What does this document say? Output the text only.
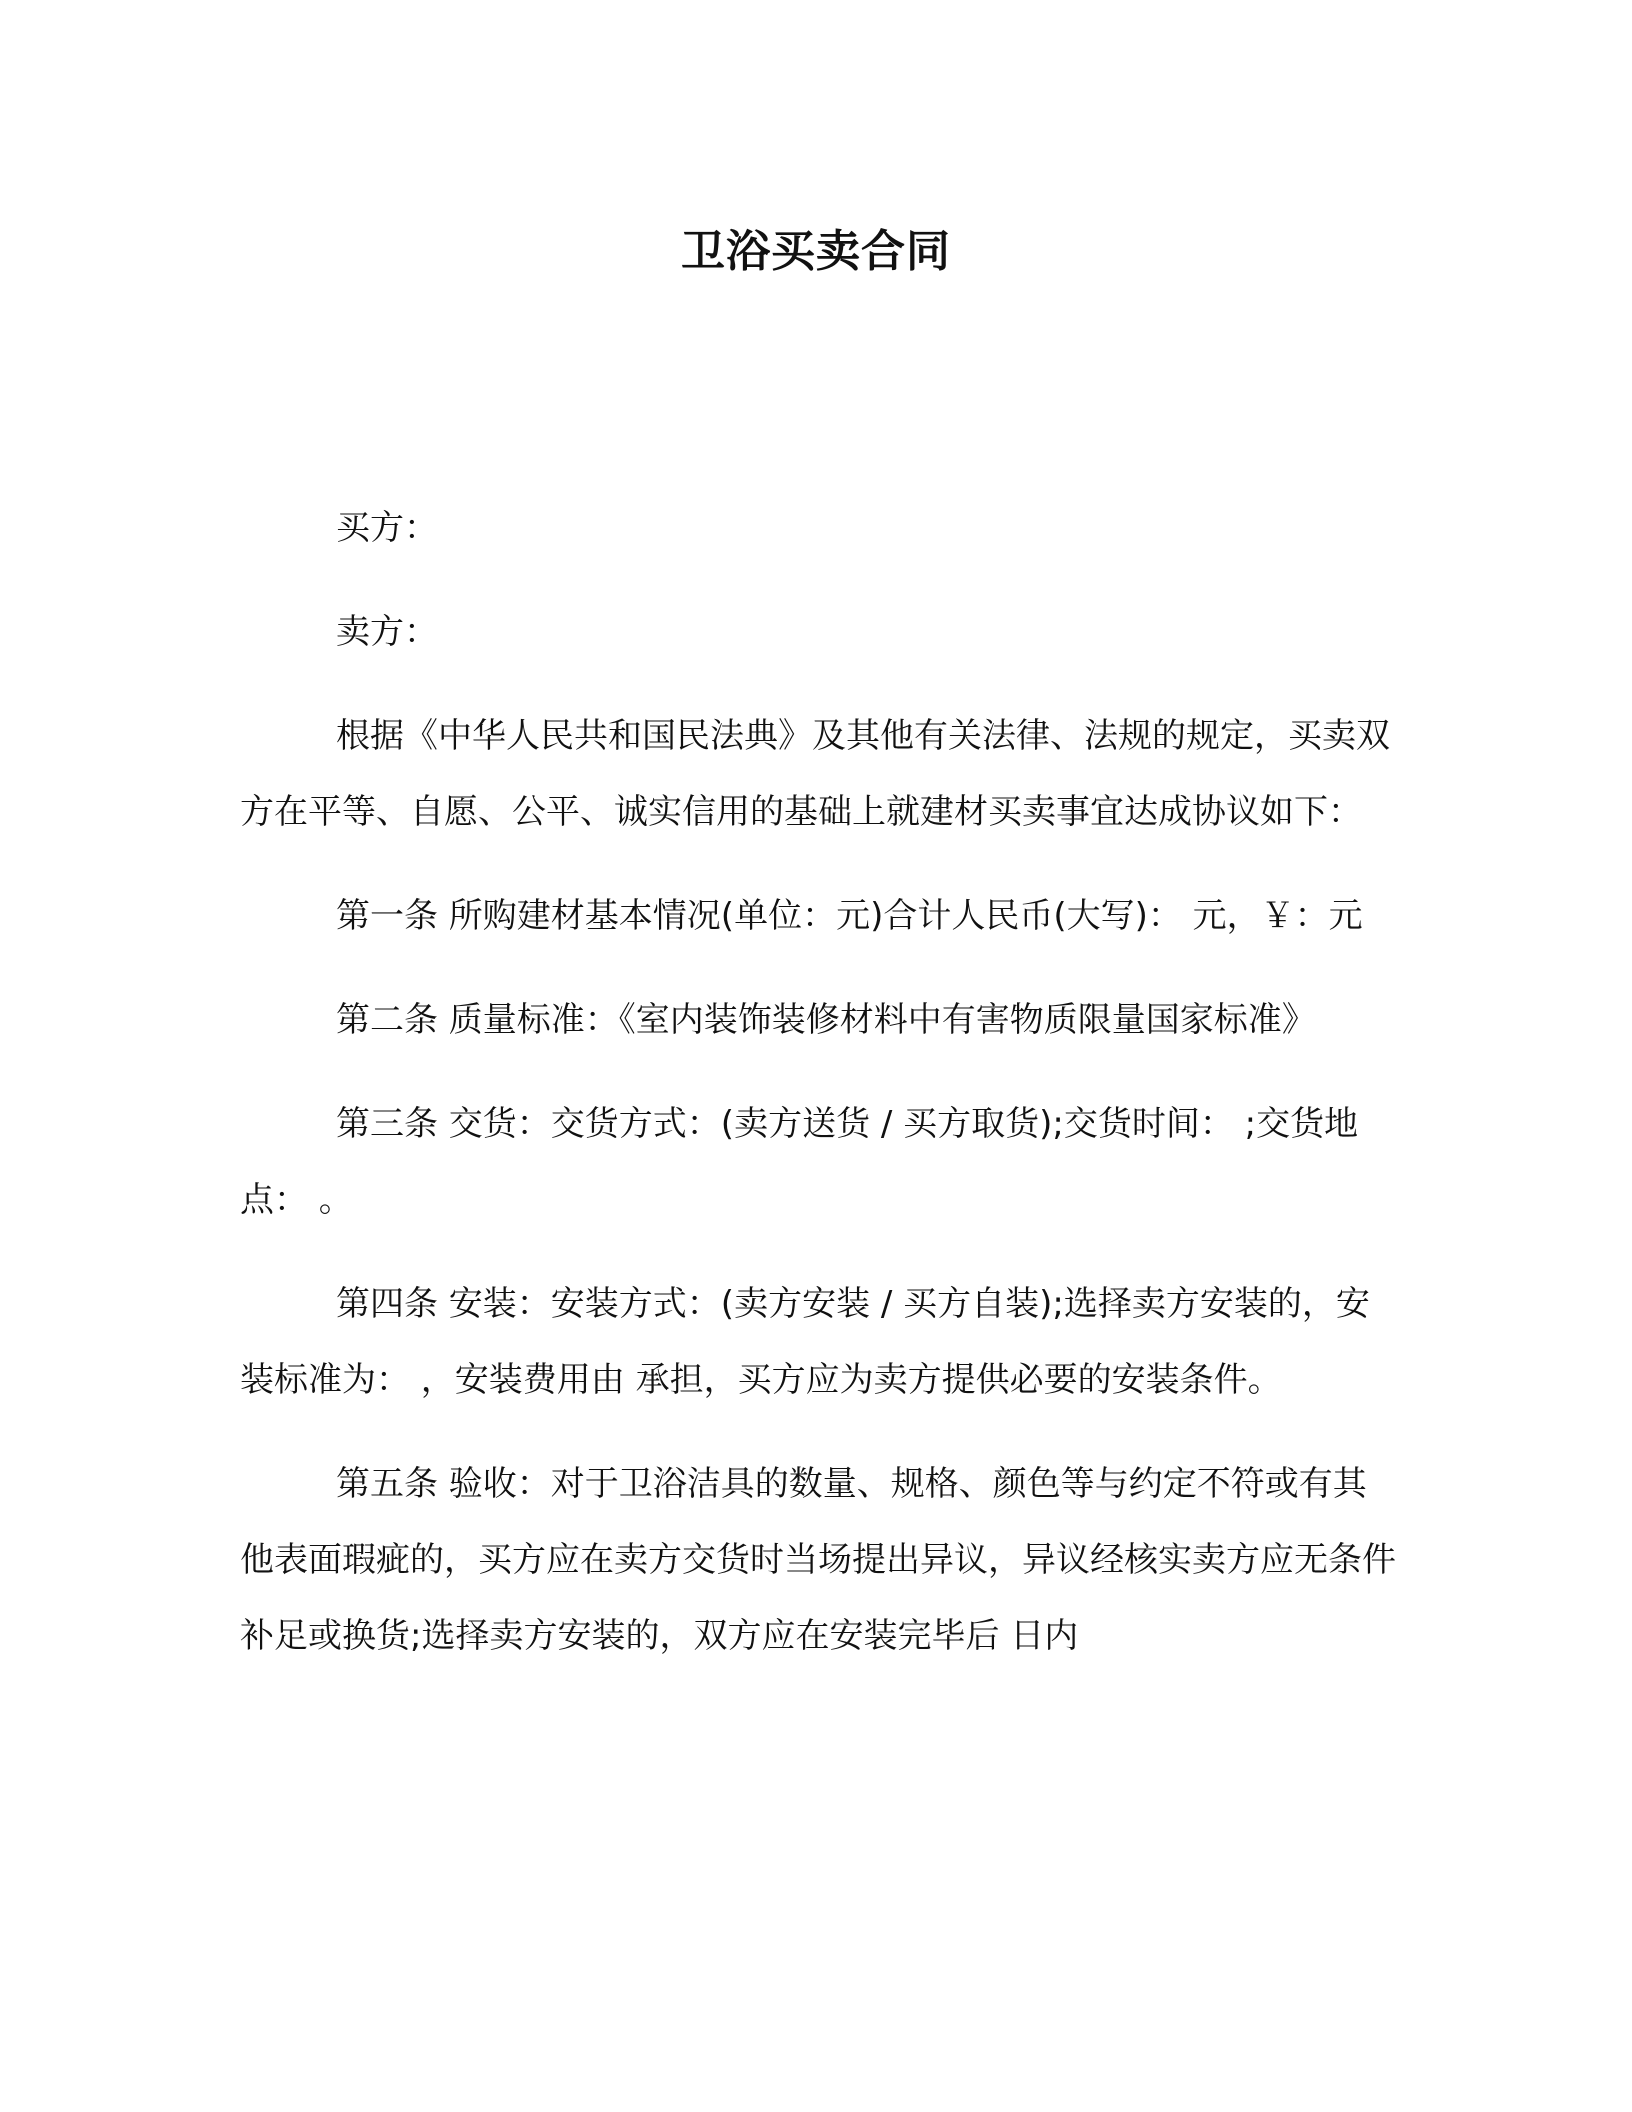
卫浴买卖合同

买方：

卖方：

根据《中华人民共和国民法典》及其他有关法律、法规的规定，买卖双方在平等、自愿、公平、诚实信用的基础上就建材买卖事宜达成协议如下：

第一条 所购建材基本情况(单位：元)合计人民币(大写)： 元，￥：元

第二条 质量标准：《室内装饰装修材料中有害物质限量国家标准》

第三条 交货：交货方式：(卖方送货 / 买方取货);交货时间： ;交货地点： 。

第四条 安装：安装方式：(卖方安装 / 买方自装);选择卖方安装的，安装标准为： ，安装费用由 承担，买方应为卖方提供必要的安装条件。

第五条 验收：对于卫浴洁具的数量、规格、颜色等与约定不符或有其他表面瑕疵的，买方应在卖方交货时当场提出异议，异议经核实卖方应无条件补足或换货;选择卖方安装的，双方应在安装完毕后 日内
